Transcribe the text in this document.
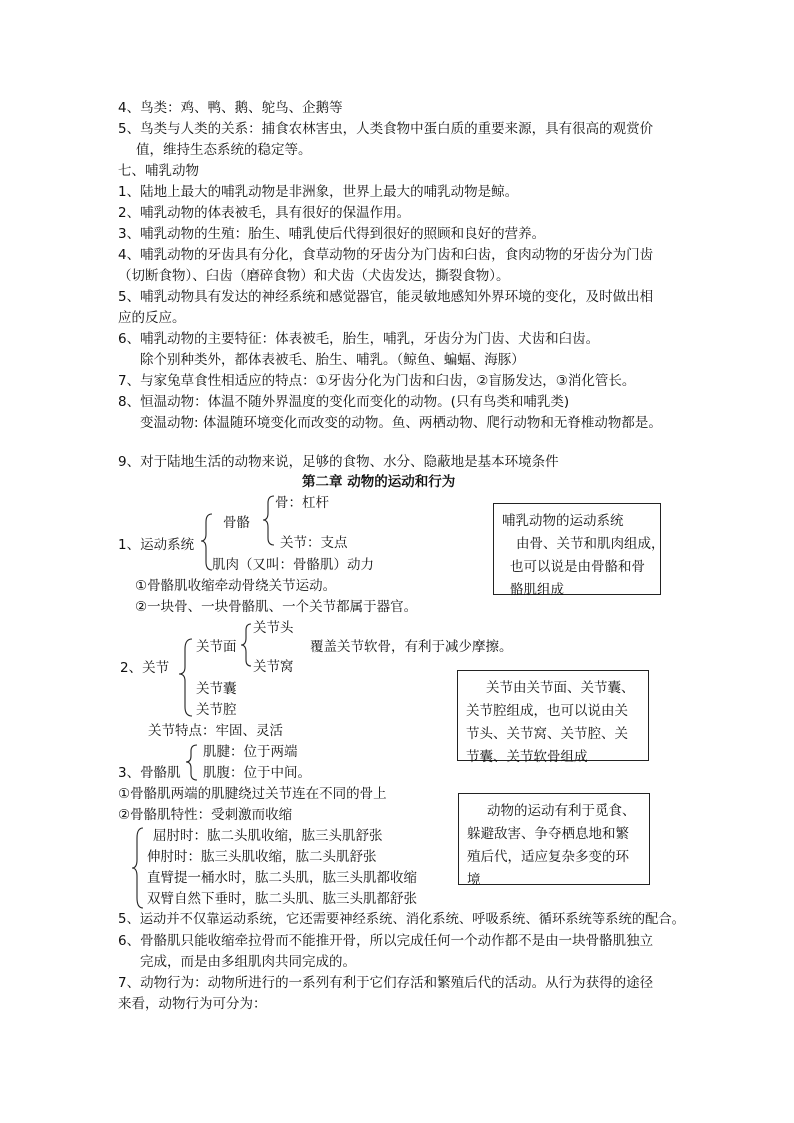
4、鸟类：鸡、鸭、鹅、鸵鸟、企鹅等
5、鸟类与人类的关系：捕食农林害虫，人类食物中蛋白质的重要来源，具有很高的观赏价
值，维持生态系统的稳定等。
七、哺乳动物
1、陆地上最大的哺乳动物是非洲象，世界上最大的哺乳动物是鲸。
2、哺乳动物的体表被毛，具有很好的保温作用。
3、哺乳动物的生殖：胎生、哺乳使后代得到很好的照顾和良好的营养。
4、哺乳动物的牙齿具有分化，食草动物的牙齿分为门齿和臼齿，食肉动物的牙齿分为门齿
（切断食物）、臼齿（磨碎食物）和犬齿（犬齿发达，撕裂食物）。
5、哺乳动物具有发达的神经系统和感觉器官，能灵敏地感知外界环境的变化，及时做出相
应的反应。
6、哺乳动物的主要特征：体表被毛，胎生，哺乳，牙齿分为门齿、犬齿和臼齿。
除个别种类外，都体表被毛、胎生、哺乳。（鲸鱼、蝙蝠、海豚）
7、与家兔草食性相适应的特点：①牙齿分化为门齿和臼齿，②盲肠发达，③消化管长。
8、恒温动物：体温不随外界温度的变化而变化的动物。(只有鸟类和哺乳类)
变温动物: 体温随环境变化而改变的动物。鱼、两栖动物、爬行动物和无脊椎动物都是。
9、对于陆地生活的动物来说，足够的食物、水分、隐蔽地是基本环境条件
第二章 动物的运动和行为
1、运动系统
骨骼
骨：杠杆
关节：支点
肌肉（又叫：骨骼肌）动力
①骨骼肌收缩牵动骨绕关节运动。
②一块骨、一块骨骼肌、一个关节都属于器官。

哺乳动物的运动系统

由骨、关节和肌肉组成，

也可以说是由骨骼和骨

骼肌组成

2、关节
关节面
关节头
关节窝
覆盖关节软骨，有利于减少摩擦。
关节囊
关节腔
关节特点：牢固、灵活

关节由关节面、关节囊、

关节腔组成，也可以说由关

节头、关节窝、关节腔、关

节囊、关节软骨组成

3、骨骼肌
肌腱：位于两端
肌腹：位于中间。
①骨骼肌两端的肌腱绕过关节连在不同的骨上
②骨骼肌特性：受刺激而收缩
屈肘时：肱二头肌收缩，肱三头肌舒张
伸肘时：肱三头肌收缩，肱二头肌舒张
直臂提一桶水时，肱二头肌，肱三头肌都收缩
双臂自然下垂时，肱二头肌、肱三头肌都舒张

动物的运动有利于觅食、

躲避敌害、争夺栖息地和繁

殖后代，适应复杂多变的环

境

5、运动并不仅靠运动系统，它还需要神经系统、消化系统、呼吸系统、循环系统等系统的配合。
6、骨骼肌只能收缩牵拉骨而不能推开骨，所以完成任何一个动作都不是由一块骨骼肌独立
完成，而是由多组肌肉共同完成的。
7、动物行为：动物所进行的一系列有利于它们存活和繁殖后代的活动。从行为获得的途径
来看，动物行为可分为：
